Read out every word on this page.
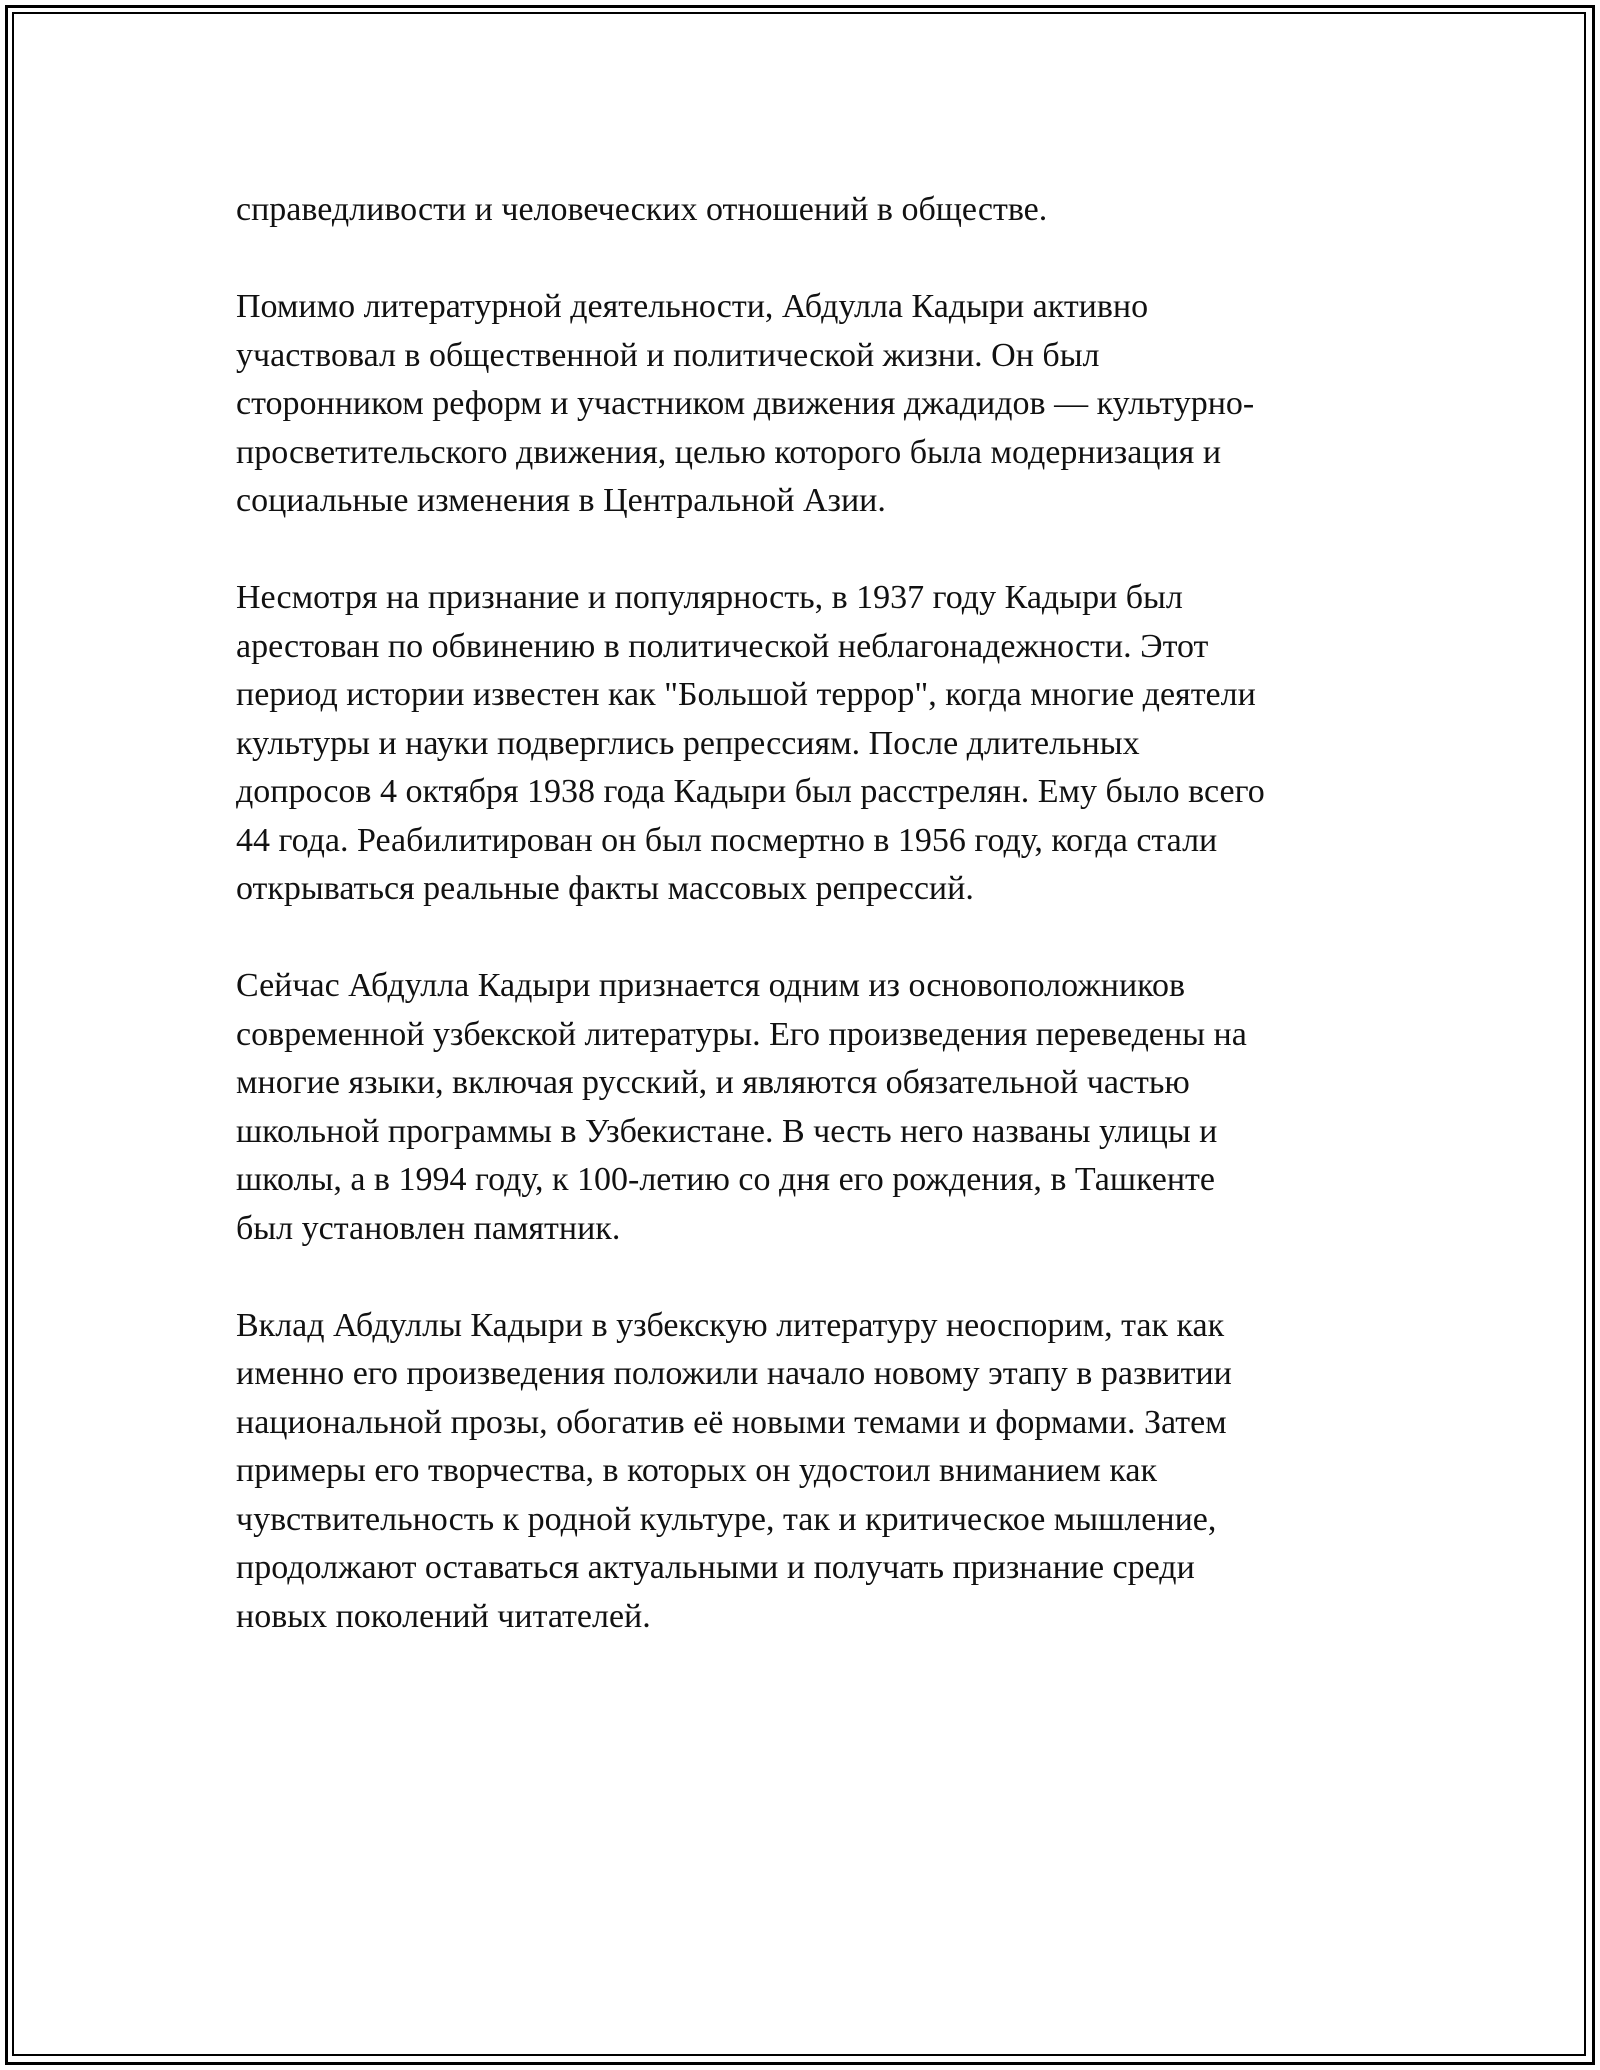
справедливости и человеческих отношений в обществе.

Помимо литературной деятельности, Абдулла Кадыри активно
участвовал в общественной и политической жизни. Он был
сторонником реформ и участником движения джадидов — культурно-
просветительского движения, целью которого была модернизация и
социальные изменения в Центральной Азии.

Несмотря на признание и популярность, в 1937 году Кадыри был
арестован по обвинению в политической неблагонадежности. Этот
период истории известен как "Большой террор", когда многие деятели
культуры и науки подверглись репрессиям. После длительных
допросов 4 октября 1938 года Кадыри был расстрелян. Ему было всего
44 года. Реабилитирован он был посмертно в 1956 году, когда стали
открываться реальные факты массовых репрессий.

Сейчас Абдулла Кадыри признается одним из основоположников
современной узбекской литературы. Его произведения переведены на
многие языки, включая русский, и являются обязательной частью
школьной программы в Узбекистане. В честь него названы улицы и
школы, а в 1994 году, к 100-летию со дня его рождения, в Ташкенте
был установлен памятник.

Вклад Абдуллы Кадыри в узбекскую литературу неоспорим, так как
именно его произведения положили начало новому этапу в развитии
национальной прозы, обогатив её новыми темами и формами. Затем
примеры его творчества, в которых он удостоил вниманием как
чувствительность к родной культуре, так и критическое мышление,
продолжают оставаться актуальными и получать признание среди
новых поколений читателей.
